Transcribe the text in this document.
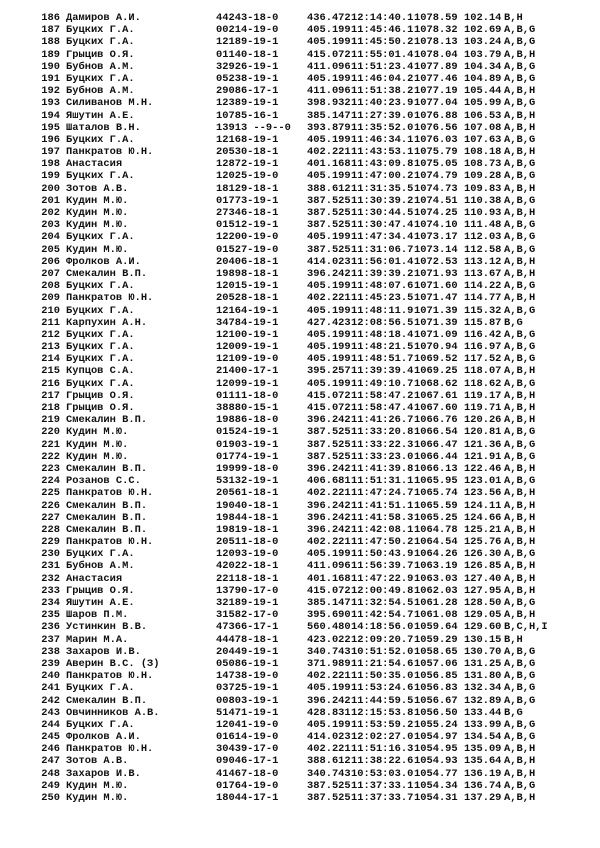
186 Дамиров А.И.	44243-18-0	436.472 12:14:40.1 1078.59 102.14 B,H
187 Буцких Г.А.	00214-19-0	405.199 11:45:46.1 1078.32 102.69 A,B,G
188 Буцких Г.А.	12189-19-1	405.199 11:45:50.2 1078.13 103.24 A,B,G
189 Грыцив О.Я.	01140-18-1	415.072 11:55:01.4 1078.04 103.79 A,B,H
190 Бубнов А.М.	32926-19-1	411.096 11:51:23.4 1077.89 104.34 A,B,G
191 Буцких Г.А.	05238-19-1	405.199 11:46:04.2 1077.46 104.89 A,B,G
192 Бубнов А.М.	29086-17-1	411.096 11:51:38.2 1077.19 105.44 A,B,H
193 Силиванов М.Н.	12389-19-1	398.932 11:40:23.9 1077.04 105.99 A,B,G
194 Яшутин А.Е.	10785-16-1	385.147 11:27:39.0 1076.88 106.53 A,B,H
195 Шаталов В.Н.	13913 --9--0 393.879 11:35:52.0 1076.56 107.08 A,B,H
196 Буцких Г.А.	12168-19-1	405.199 11:46:34.1 1076.03 107.63 A,B,G
197 Панкратов Ю.Н.	20530-18-1	402.221 11:43:53.1 1075.79 108.18 A,B,H
198 Анастасия	12872-19-1	401.168 11:43:09.8 1075.05 108.73 A,B,G
199 Буцких Г.А.	12025-19-0	405.199 11:47:00.2 1074.79 109.28 A,B,G
200 Зотов А.В.	18129-18-1	388.612 11:31:35.5 1074.73 109.83 A,B,H
201 Кудин М.Ю.	01773-19-1	387.525 11:30:39.2 1074.51 110.38 A,B,G
202 Кудин М.Ю.	27346-18-1	387.525 11:30:44.5 1074.25 110.93 A,B,H
203 Кудин М.Ю.	01512-19-1	387.525 11:30:47.4 1074.10 111.48 A,B,G
204 Буцких Г.А.	12200-19-0	405.199 11:47:34.4 1073.17 112.03 A,B,G
205 Кудин М.Ю.	01527-19-0	387.525 11:31:06.7 1073.14 112.58 A,B,G
206 Фролков А.И.	20406-18-1	414.023 11:56:01.4 1072.53 113.12 A,B,H
207 Смекалин В.П.	19898-18-1	396.242 11:39:39.2 1071.93 113.67 A,B,H
208 Буцких Г.А.	12015-19-1	405.199 11:48:07.6 1071.60 114.22 A,B,G
209 Панкратов Ю.Н.	20528-18-1	402.221 11:45:23.5 1071.47 114.77 A,B,H
210 Буцких Г.А.	12164-19-1	405.199 11:48:11.9 1071.39 115.32 A,B,G
211 Карпухин А.Н.	34784-19-1	427.423 12:08:56.5 1071.39 115.87 B,G
212 Буцких Г.А.	12100-19-1	405.199 11:48:18.4 1071.09 116.42 A,B,G
213 Буцких Г.А.	12009-19-1	405.199 11:48:21.5 1070.94 116.97 A,B,G
214 Буцких Г.А.	12109-19-0	405.199 11:48:51.7 1069.52 117.52 A,B,G
215 Купцов С.А.	21400-17-1	395.257 11:39:39.4 1069.25 118.07 A,B,H
216 Буцких Г.А.	12099-19-1	405.199 11:49:10.7 1068.62 118.62 A,B,G
217 Грыцив О.Я.	01111-18-0	415.072 11:58:47.2 1067.61 119.17 A,B,H
218 Грыцив О.Я.	38880-15-1	415.072 11:58:47.4 1067.60 119.71 A,B,H
219 Смекалин В.П.	19886-18-0	396.242 11:41:26.7 1066.76 120.26 A,B,H
220 Кудин М.Ю.	01524-19-1	387.525 11:33:20.8 1066.54 120.81 A,B,G
221 Кудин М.Ю.	01903-19-1	387.525 11:33:22.3 1066.47 121.36 A,B,G
222 Кудин М.Ю.	01774-19-1	387.525 11:33:23.0 1066.44 121.91 A,B,G
223 Смекалин В.П.	19999-18-0	396.242 11:41:39.8 1066.13 122.46 A,B,H
224 Розанов С.С.	53132-19-1	406.681 11:51:31.1 1065.95 123.01 A,B,G
225 Панкратов Ю.Н.	20561-18-1	402.221 11:47:24.7 1065.74 123.56 A,B,H
226 Смекалин В.П.	19040-18-1	396.242 11:41:51.1 1065.59 124.11 A,B,H
227 Смекалин В.П.	19844-18-1	396.242 11:41:58.3 1065.25 124.66 A,B,H
228 Смекалин В.П.	19819-18-1	396.242 11:42:08.1 1064.78 125.21 A,B,H
229 Панкратов Ю.Н.	20511-18-0	402.221 11:47:50.2 1064.54 125.76 A,B,H
230 Буцких Г.А.	12093-19-0	405.199 11:50:43.9 1064.26 126.30 A,B,G
231 Бубнов А.М.	42022-18-1	411.096 11:56:39.7 1063.19 126.85 A,B,H
232 Анастасия	22118-18-1	401.168 11:47:22.9 1063.03 127.40 A,B,H
233 Грыцив О.Я.	13790-17-0	415.072 12:00:49.8 1062.03 127.95 A,B,H
234 Яшутин А.Е.	32189-19-1	385.147 11:32:54.5 1061.28 128.50 A,B,G
235 Шаров П.М.	31582-17-0	395.690 11:42:54.7 1061.08 129.05 A,B,H
236 Устинкин В.В.	47366-17-1	560.480 14:18:56.0 1059.64 129.60 B,C,H,I
237 Марин М.А.	44478-18-1	423.022 12:09:20.7 1059.29 130.15 B,H
238 Захаров И.В.	20449-19-1	340.743 10:51:52.0 1058.65 130.70 A,B,G
239 Аверин В.С. (З)	05086-19-1	371.989 11:21:54.6 1057.06 131.25 A,B,G
240 Панкратов Ю.Н.	14738-19-0	402.221 11:50:35.0 1056.85 131.80 A,B,G
241 Буцких Г.А.	03725-19-1	405.199 11:53:24.6 1056.83 132.34 A,B,G
242 Смекалин В.П.	00803-19-1	396.242 11:44:59.5 1056.67 132.89 A,B,G
243 Овчинников А.В.	51471-19-1	428.831 12:15:53.8 1056.50 133.44 B,G
244 Буцких Г.А.	12041-19-0	405.199 11:53:59.2 1055.24 133.99 A,B,G
245 Фролков А.И.	01614-19-0	414.023 12:02:27.0 1054.97 134.54 A,B,G
246 Панкратов Ю.Н.	30439-17-0	402.221 11:51:16.3 1054.95 135.09 A,B,H
247 Зотов А.В.	09046-17-1	388.612 11:38:22.6 1054.93 135.64 A,B,H
248 Захаров И.В.	41467-18-0	340.743 10:53:03.0 1054.77 136.19 A,B,H
249 Кудин М.Ю.	01764-19-0	387.525 11:37:33.1 1054.34 136.74 A,B,G
250 Кудин М.Ю.	18044-17-1	387.525 11:37:33.7 1054.31 137.29 A,B,H
